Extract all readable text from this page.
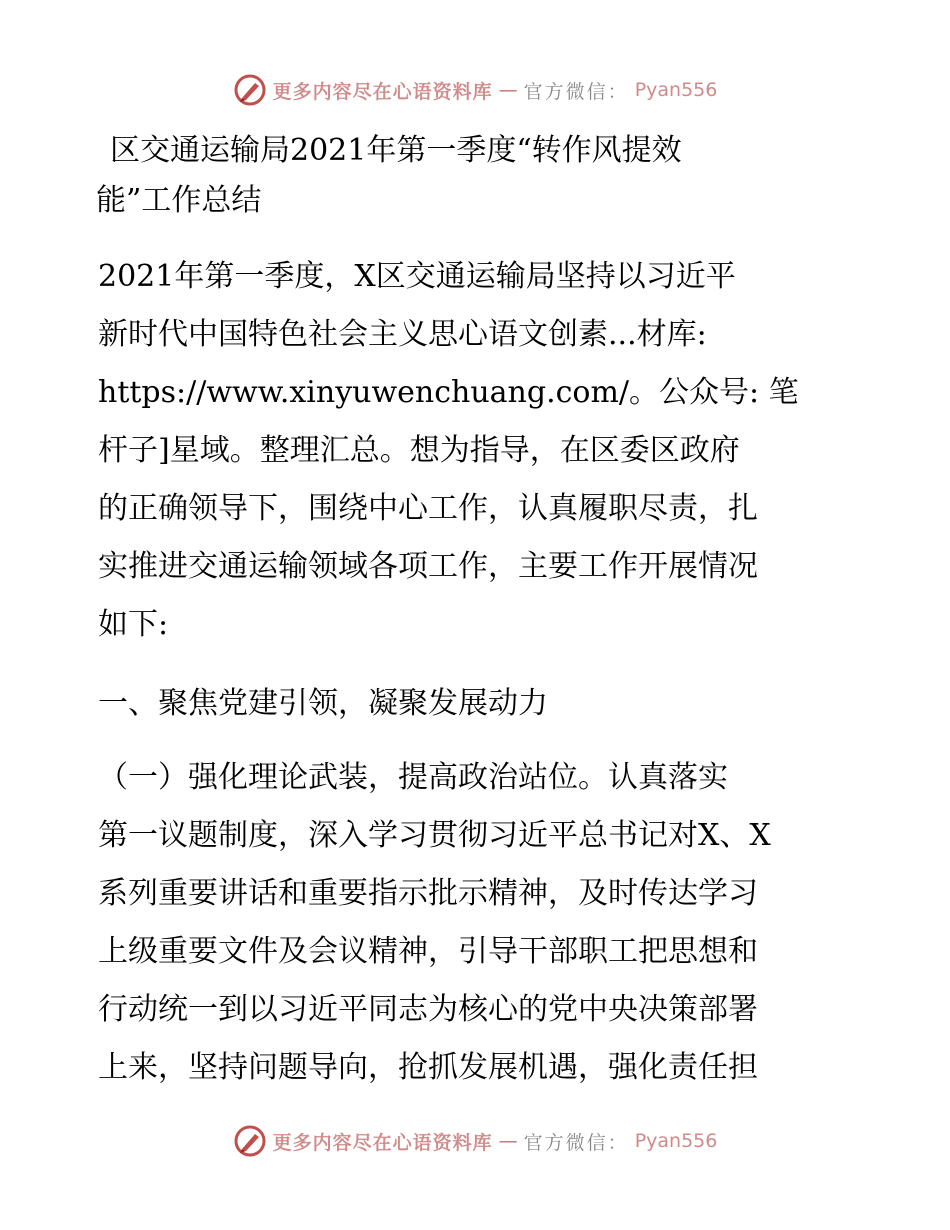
更多内容尽在心语资料库 — 官方微信： Pyan556
区交通运输局2021年第一季度“转作风提效
能”工作总结
2021年第一季度，X区交通运输局坚持以习近平
新时代中国特色社会主义思心语文创素...材库:
https://www.xinyuwenchuang.com/。公众号: 笔
杆子]星域。整理汇总。想为指导，在区委区政府
的正确领导下，围绕中心工作，认真履职尽责，扎
实推进交通运输领域各项工作，主要工作开展情况
如下:
一、聚焦党建引领，凝聚发展动力
（一）强化理论武装，提高政治站位。认真落实
第一议题制度，深入学习贯彻习近平总书记对X、X
系列重要讲话和重要指示批示精神，及时传达学习
上级重要文件及会议精神，引导干部职工把思想和
行动统一到以习近平同志为核心的党中央决策部署
上来，坚持问题导向，抢抓发展机遇，强化责任担
更多内容尽在心语资料库 — 官方微信： Pyan556
